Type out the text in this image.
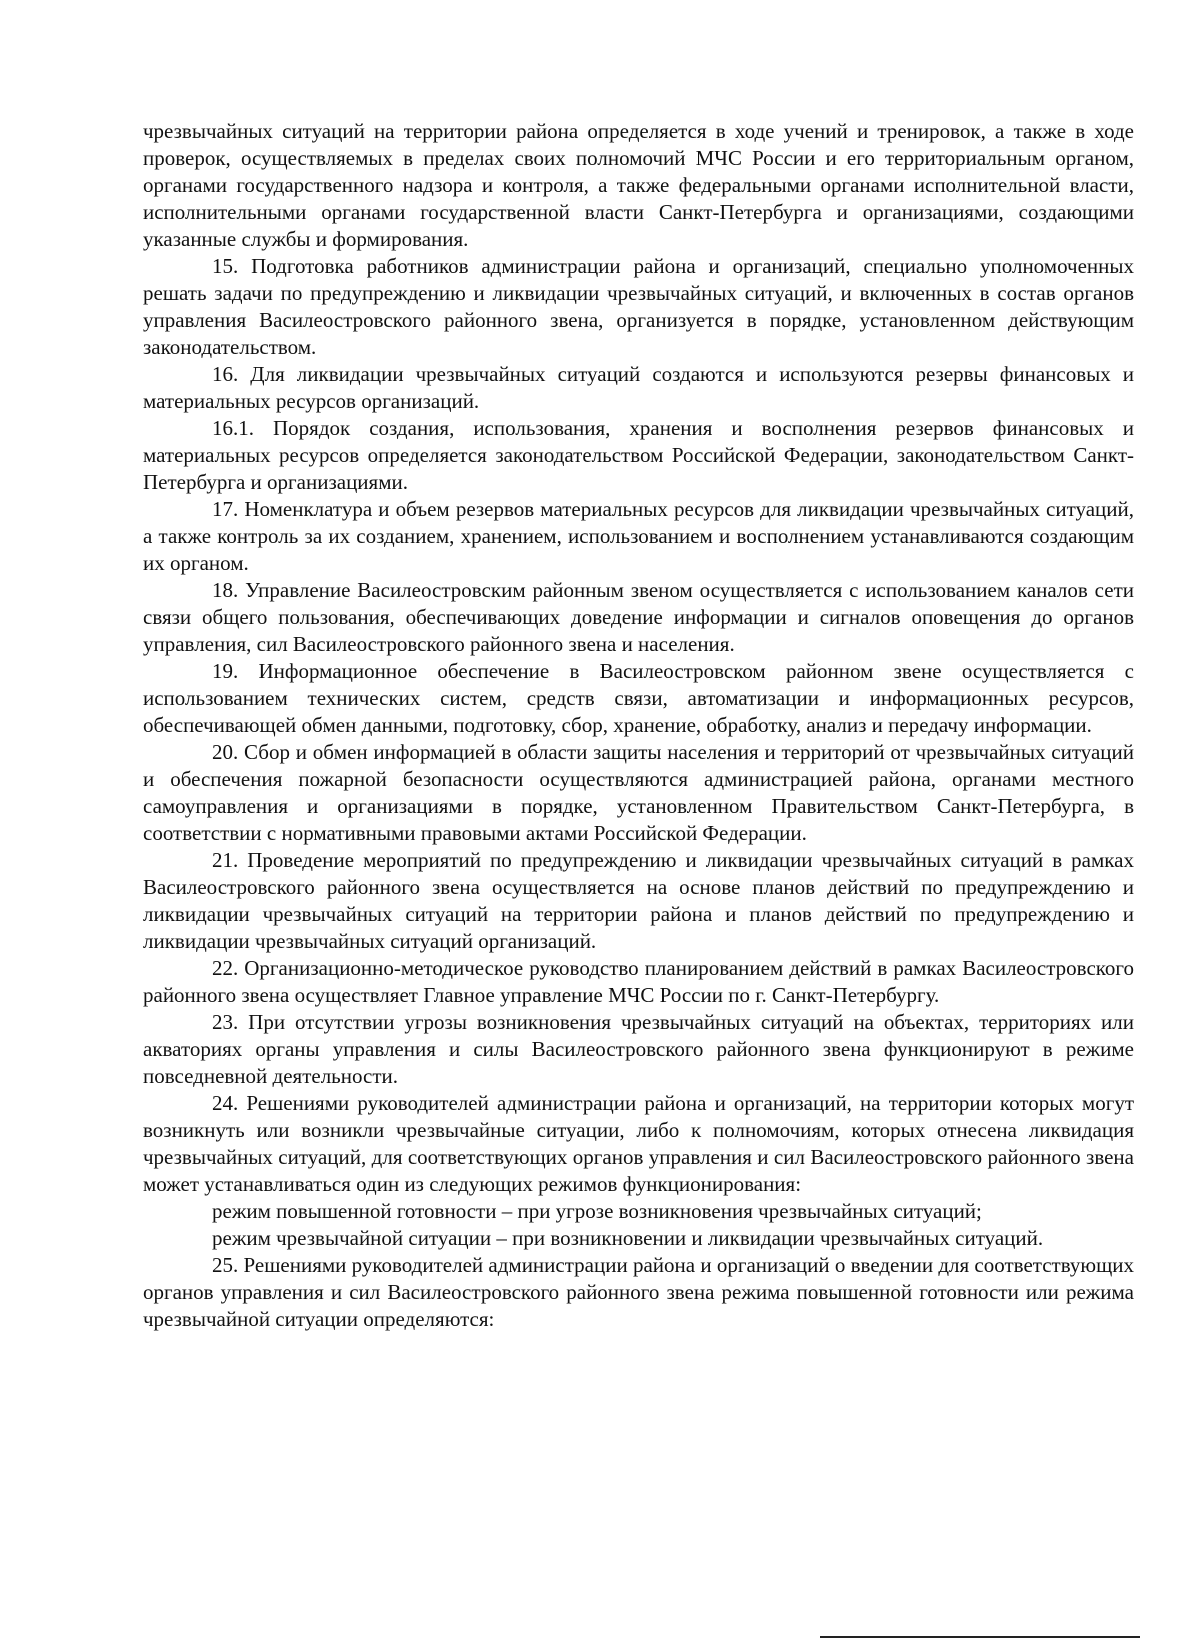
чрезвычайных ситуаций на территории района определяется в ходе учений и тренировок, а также в ходе проверок, осуществляемых в пределах своих полномочий МЧС России и его территориальным органом, органами государственного надзора и контроля, а также федеральными органами исполнительной власти, исполнительными органами государственной власти Санкт-Петербурга и организациями, создающими указанные службы и формирования.

15. Подготовка работников администрации района и организаций, специально уполномоченных решать задачи по предупреждению и ликвидации чрезвычайных ситуаций, и включенных в состав органов управления Василеостровского районного звена, организуется в порядке, установленном действующим законодательством.

16. Для ликвидации чрезвычайных ситуаций создаются и используются резервы финансовых и материальных ресурсов организаций.

16.1. Порядок создания, использования, хранения и восполнения резервов финансовых и материальных ресурсов определяется законодательством Российской Федерации, законодательством Санкт-Петербурга и организациями.

17. Номенклатура и объем резервов материальных ресурсов для ликвидации чрезвычайных ситуаций, а также контроль за их созданием, хранением, использованием и восполнением устанавливаются создающим их органом.

18. Управление Василеостровским районным звеном осуществляется с использованием каналов сети связи общего пользования, обеспечивающих доведение информации и сигналов оповещения до органов управления, сил Василеостровского районного звена и населения.

19. Информационное обеспечение в Василеостровском районном звене осуществляется с использованием технических систем, средств связи, автоматизации и информационных ресурсов, обеспечивающей обмен данными, подготовку, сбор, хранение, обработку, анализ и передачу информации.

20. Сбор и обмен информацией в области защиты населения и территорий от чрезвычайных ситуаций и обеспечения пожарной безопасности осуществляются администрацией района, органами местного самоуправления и организациями в порядке, установленном Правительством Санкт-Петербурга, в соответствии с нормативными правовыми актами Российской Федерации.

21. Проведение мероприятий по предупреждению и ликвидации чрезвычайных ситуаций в рамках Василеостровского районного звена осуществляется на основе планов действий по предупреждению и ликвидации чрезвычайных ситуаций на территории района и планов действий по предупреждению и ликвидации чрезвычайных ситуаций организаций.

22. Организационно-методическое руководство планированием действий в рамках Василеостровского районного звена осуществляет Главное управление МЧС России по г. Санкт-Петербургу.

23. При отсутствии угрозы возникновения чрезвычайных ситуаций на объектах, территориях или акваториях органы управления и силы Василеостровского районного звена функционируют в режиме повседневной деятельности.

24. Решениями руководителей администрации района и организаций, на территории которых могут возникнуть или возникли чрезвычайные ситуации, либо к полномочиям, которых отнесена ликвидация чрезвычайных ситуаций, для соответствующих органов управления и сил Василеостровского районного звена может устанавливаться один из следующих режимов функционирования:

режим повышенной готовности – при угрозе возникновения чрезвычайных ситуаций;

режим чрезвычайной ситуации – при возникновении и ликвидации чрезвычайных ситуаций.

25. Решениями руководителей администрации района и организаций о введении для соответствующих органов управления и сил Василеостровского районного звена режима повышенной готовности или режима чрезвычайной ситуации определяются:
